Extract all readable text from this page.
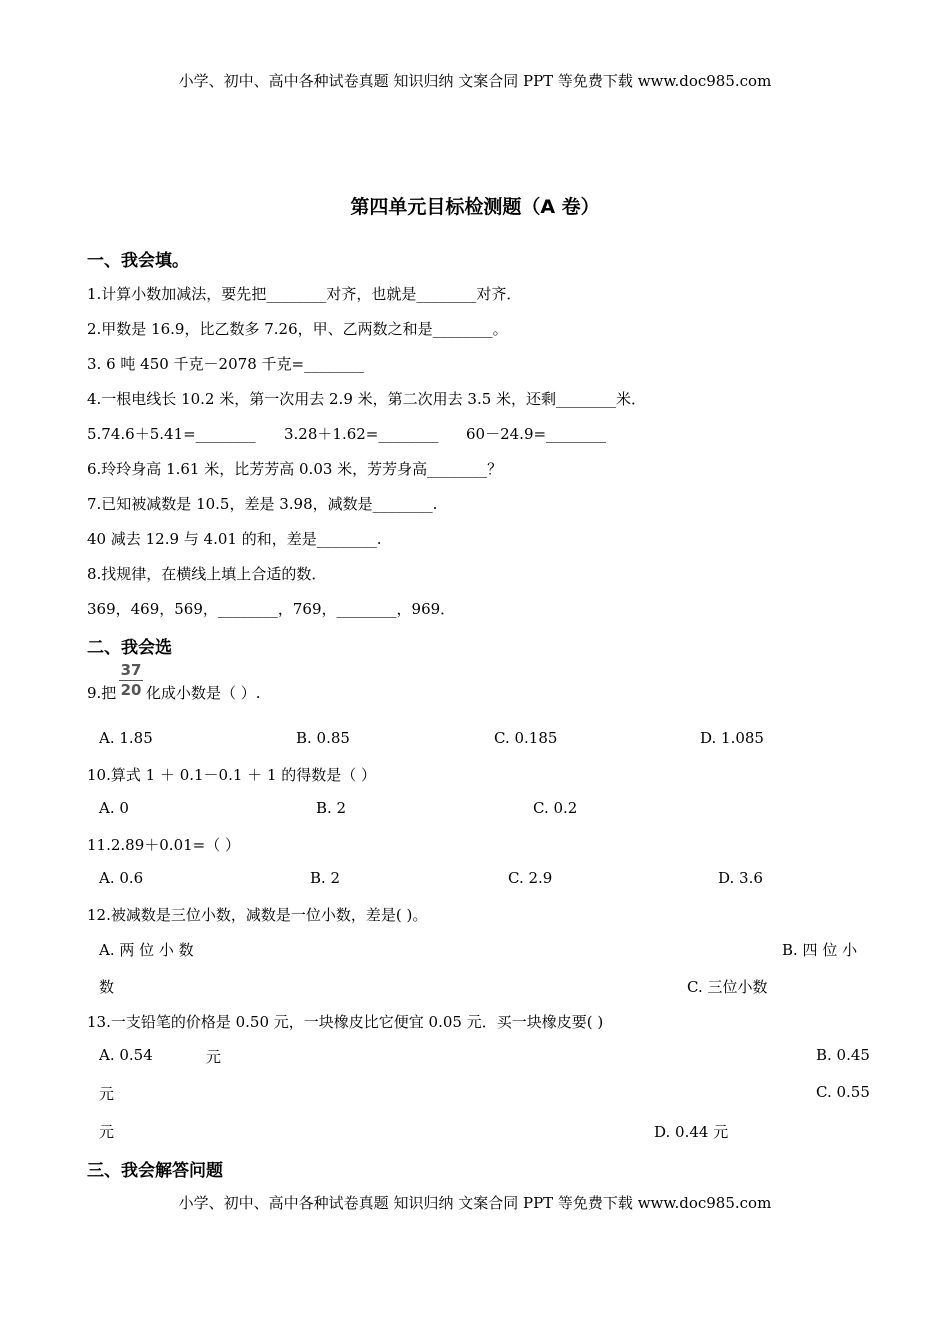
小学、初中、高中各种试卷真题 知识归纳 文案合同 PPT 等免费下载 www.doc985.com
第四单元目标检测题（A 卷）
一、我会填。
1.计算小数加减法，要先把________对齐，也就是________对齐．
2.甲数是 16.9，比乙数多 7.26，甲、乙两数之和是________。
3. 6 吨 450 千克－2078 千克=________
4.一根电线长 10.2 米，第一次用去 2.9 米，第二次用去 3.5 米，还剩________米．
5.74.6＋5.41=________ 3.28＋1.62=________ 60－24.9=________
6.玲玲身高 1.61 米，比芳芳高 0.03 米，芳芳身高________？
7.已知被减数是 10.5，差是 3.98，减数是________.
40 减去 12.9 与 4.01 的和，差是________.
8.找规律，在横线上填上合适的数．
369，469，569，________，769，________，969．
二、我会选
9.把
37
20 化成小数是（ ）.
A. 1.85	B. 0.85	C. 0.185	D. 1.085
10.算式 1 ＋ 0.1－0.1 ＋ 1 的得数是（ ）
A. 0	B. 2	C. 0.2
11.2.89＋0.01=（ ）
A. 0.6	B. 2	C. 2.9	D. 3.6
12.被减数是三位小数，减数是一位小数，差是( )。
A. 两 位 小 数	B. 四 位 小
数	C. 三位小数
13.一支铅笔的价格是 0.50 元，一块橡皮比它便宜 0.05 元．买一块橡皮要( )
A. 0.54	元	B. 0.45
元	C. 0.55
元	D. 0.44 元
三、我会解答问题
小学、初中、高中各种试卷真题 知识归纳 文案合同 PPT 等免费下载 www.doc985.com
